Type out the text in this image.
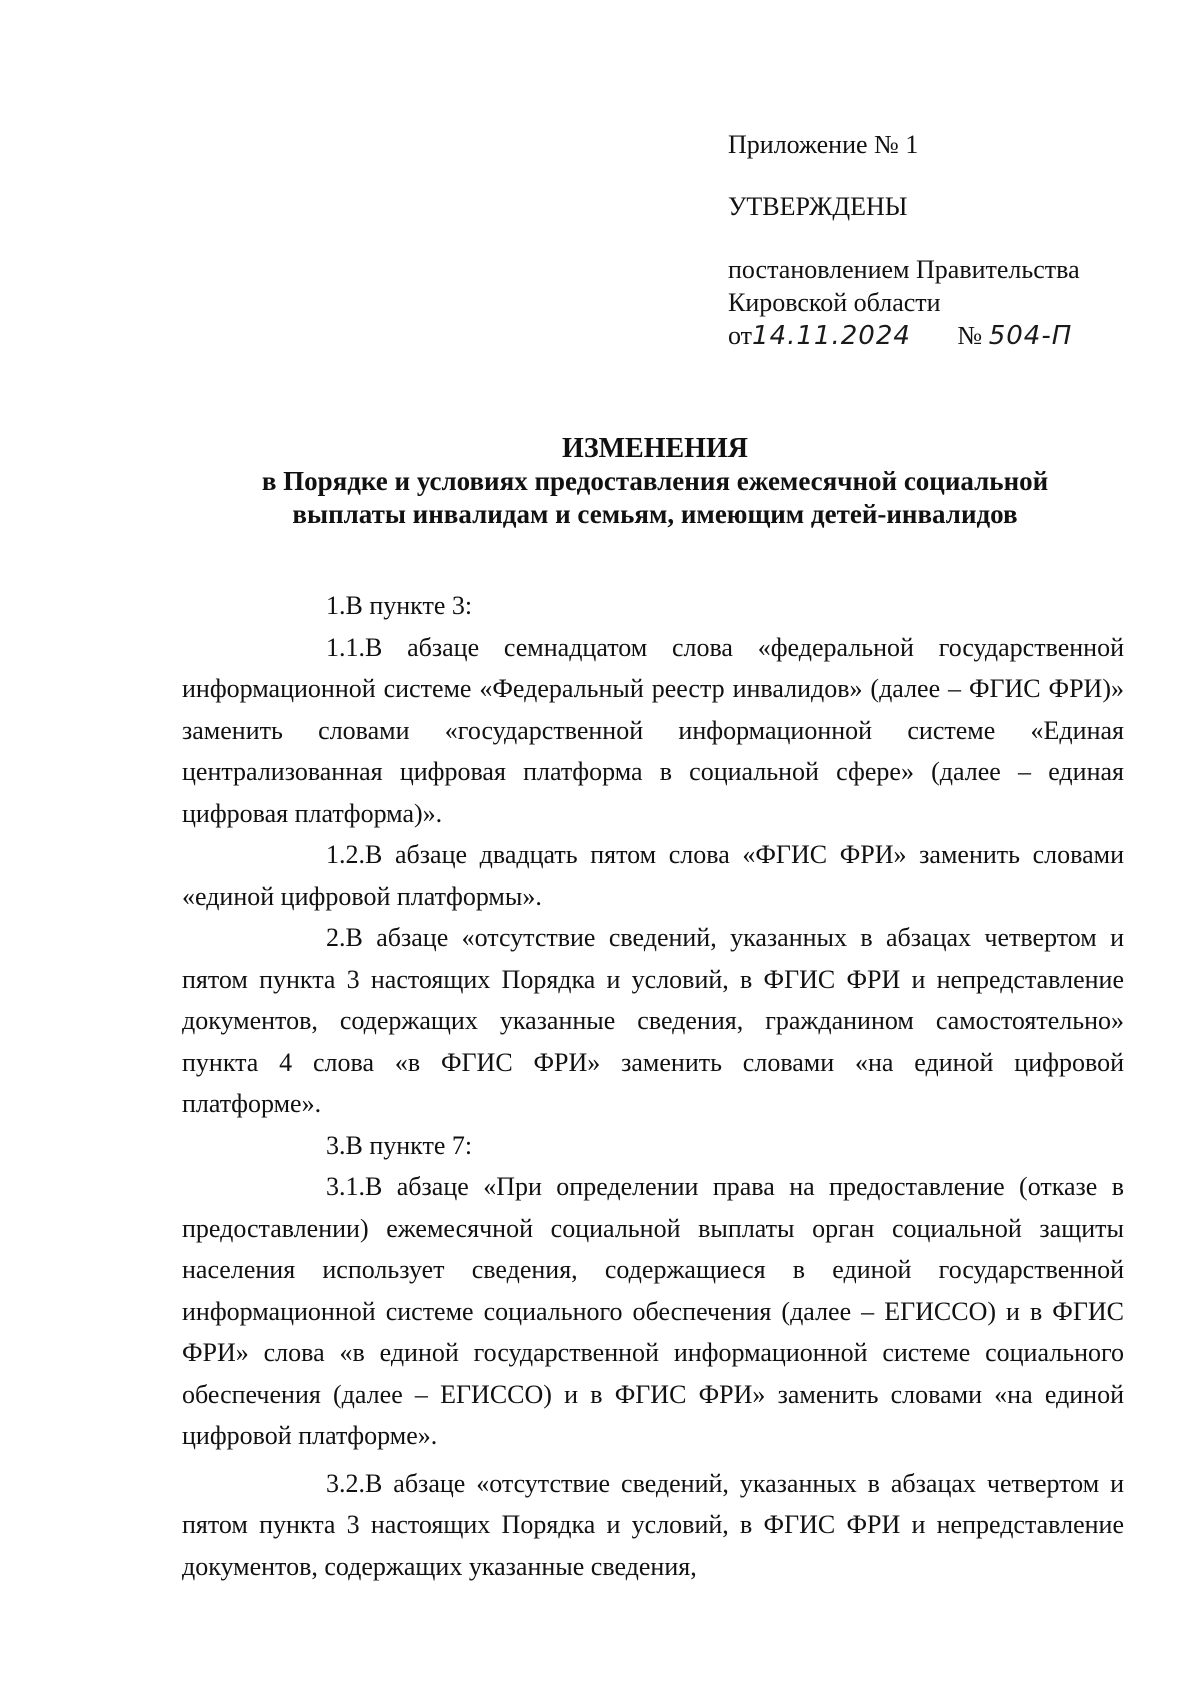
Приложение № 1
УТВЕРЖДЕНЫ
постановлением Правительства
Кировской области
от14.11.2024 № 504-П
ИЗМЕНЕНИЯ
в Порядке и условиях предоставления ежемесячной социальной
выплаты инвалидам и семьям, имеющим детей-инвалидов

1.В пункте 3:

1.1.В абзаце семнадцатом слова «федеральной государственной информационной системе «Федеральный реестр инвалидов» (далее – ФГИС ФРИ)» заменить словами «государственной информационной системе «Единая централизованная цифровая платформа в социальной сфере» (далее – единая цифровая платформа)».

1.2.В абзаце двадцать пятом слова «ФГИС ФРИ» заменить словами «единой цифровой платформы».

2.В абзаце «отсутствие сведений, указанных в абзацах четвертом и пятом пункта 3 настоящих Порядка и условий, в ФГИС ФРИ и непредставление документов, содержащих указанные сведения, гражданином самостоятельно» пункта 4 слова «в ФГИС ФРИ» заменить словами «на единой цифровой платформе».

3.В пункте 7:

3.1.В абзаце «При определении права на предоставление (отказе в предоставлении) ежемесячной социальной выплаты орган социальной защиты населения использует сведения, содержащиеся в единой государственной информационной системе социального обеспечения (далее – ЕГИССО) и в ФГИС ФРИ» слова «в единой государственной информационной системе социального обеспечения (далее – ЕГИССО) и в ФГИС ФРИ» заменить словами «на единой цифровой платформе».

3.2.В абзаце «отсутствие сведений, указанных в абзацах четвертом и пятом пункта 3 настоящих Порядка и условий, в ФГИС ФРИ и непредставление документов, содержащих указанные сведения,
